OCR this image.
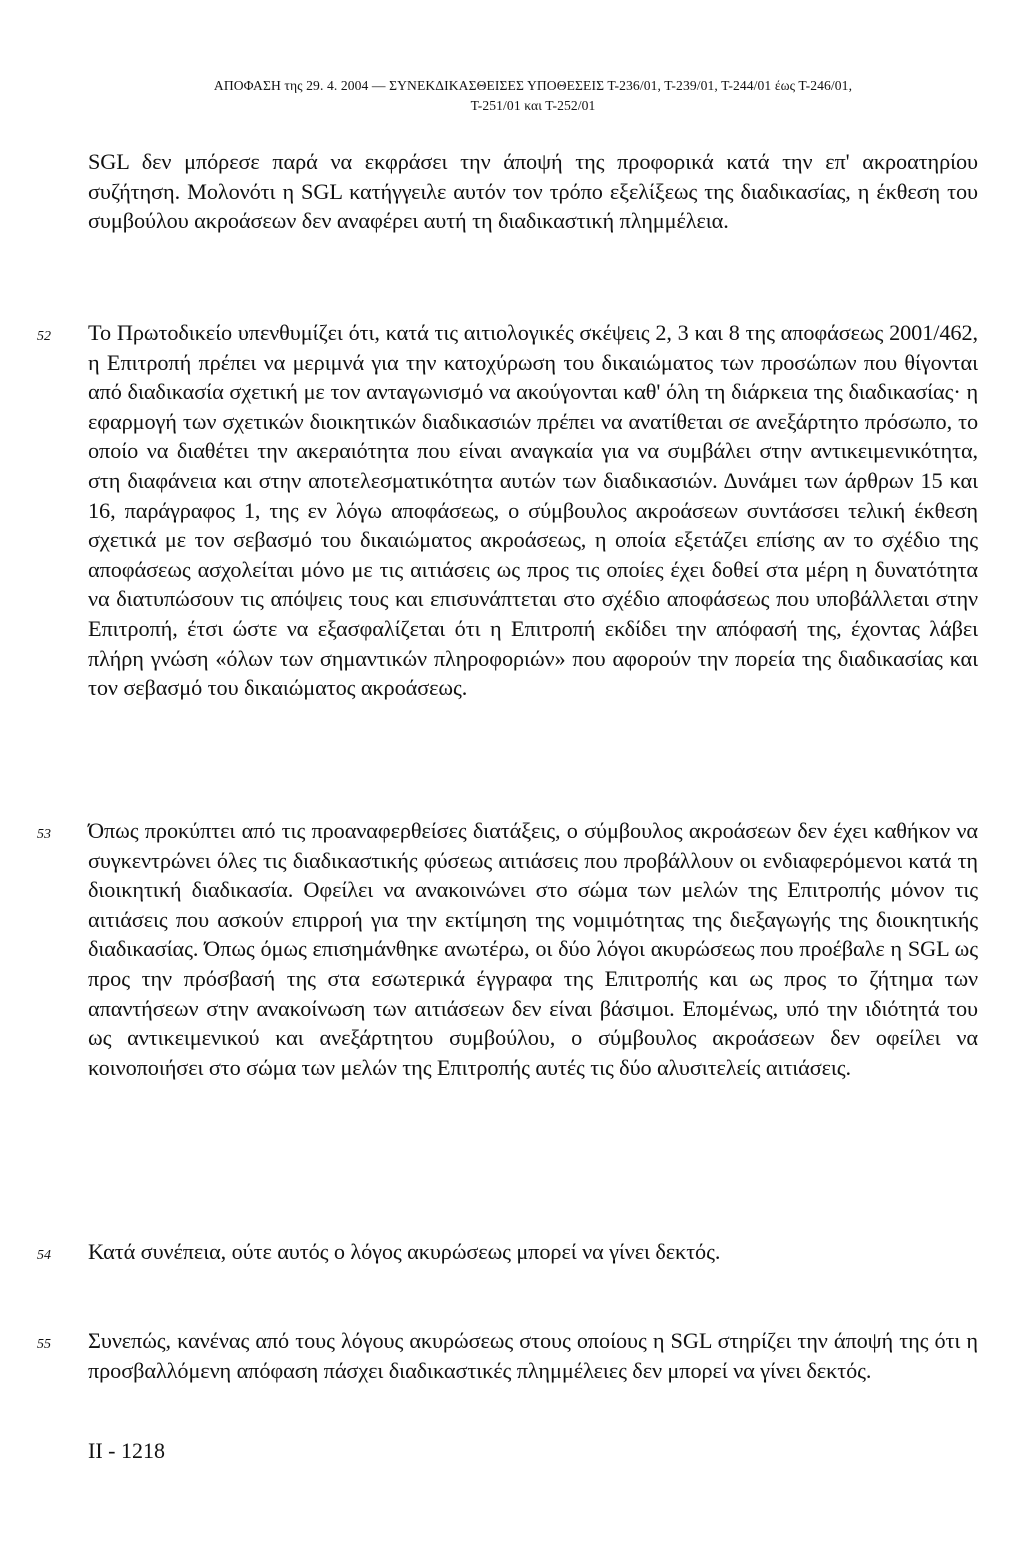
ΑΠΟΦΑΣΗ της 29. 4. 2004 — ΣΥΝΕΚΔΙΚΑΣΘΕΙΣΕΣ ΥΠΟΘΕΣΕΙΣ Τ-236/01, Τ-239/01, Τ-244/01 έως Τ-246/01,
Τ-251/01 και Τ-252/01
SGL δεν μπόρεσε παρά να εκφράσει την άποψή της προφορικά κατά την επ' ακροατηρίου συζήτηση. Μολονότι η SGL κατήγγειλε αυτόν τον τρόπο εξελίξεως της διαδικασίας, η έκθεση του συμβούλου ακροάσεων δεν αναφέρει αυτή τη διαδικαστική πλημμέλεια.
52 Το Πρωτοδικείο υπενθυμίζει ότι, κατά τις αιτιολογικές σκέψεις 2, 3 και 8 της αποφάσεως 2001/462, η Επιτροπή πρέπει να μεριμνά για την κατοχύρωση του δικαιώματος των προσώπων που θίγονται από διαδικασία σχετική με τον ανταγωνισμό να ακούγονται καθ' όλη τη διάρκεια της διαδικασίας· η εφαρμογή των σχετικών διοικητικών διαδικασιών πρέπει να ανατίθεται σε ανεξάρτητο πρόσωπο, το οποίο να διαθέτει την ακεραιότητα που είναι αναγκαία για να συμβάλει στην αντικειμενικότητα, στη διαφάνεια και στην αποτελεσματικότητα αυτών των διαδικασιών. Δυνάμει των άρθρων 15 και 16, παράγραφος 1, της εν λόγω αποφάσεως, ο σύμβουλος ακροάσεων συντάσσει τελική έκθεση σχετικά με τον σεβασμό του δικαιώματος ακροάσεως, η οποία εξετάζει επίσης αν το σχέδιο της αποφάσεως ασχολείται μόνο με τις αιτιάσεις ως προς τις οποίες έχει δοθεί στα μέρη η δυνατότητα να διατυπώσουν τις απόψεις τους και επισυνάπτεται στο σχέδιο αποφάσεως που υποβάλλεται στην Επιτροπή, έτσι ώστε να εξασφαλίζεται ότι η Επιτροπή εκδίδει την απόφασή της, έχοντας λάβει πλήρη γνώση «όλων των σημαντικών πληροφοριών» που αφορούν την πορεία της διαδικασίας και τον σεβασμό του δικαιώματος ακροάσεως.
53 Όπως προκύπτει από τις προαναφερθείσες διατάξεις, ο σύμβουλος ακροάσεων δεν έχει καθήκον να συγκεντρώνει όλες τις διαδικαστικής φύσεως αιτιάσεις που προβάλλουν οι ενδιαφερόμενοι κατά τη διοικητική διαδικασία. Οφείλει να ανακοινώνει στο σώμα των μελών της Επιτροπής μόνον τις αιτιάσεις που ασκούν επιρροή για την εκτίμηση της νομιμότητας της διεξαγωγής της διοικητικής διαδικασίας. Όπως όμως επισημάνθηκε ανωτέρω, οι δύο λόγοι ακυρώσεως που προέβαλε η SGL ως προς την πρόσβασή της στα εσωτερικά έγγραφα της Επιτροπής και ως προς το ζήτημα των απαντήσεων στην ανακοίνωση των αιτιάσεων δεν είναι βάσιμοι. Επομένως, υπό την ιδιότητά του ως αντικειμενικού και ανεξάρτητου συμβούλου, ο σύμβουλος ακροάσεων δεν οφείλει να κοινοποιήσει στο σώμα των μελών της Επιτροπής αυτές τις δύο αλυσιτελείς αιτιάσεις.
54 Κατά συνέπεια, ούτε αυτός ο λόγος ακυρώσεως μπορεί να γίνει δεκτός.
55 Συνεπώς, κανένας από τους λόγους ακυρώσεως στους οποίους η SGL στηρίζει την άποψή της ότι η προσβαλλόμενη απόφαση πάσχει διαδικαστικές πλημμέλειες δεν μπορεί να γίνει δεκτός.
II - 1218
